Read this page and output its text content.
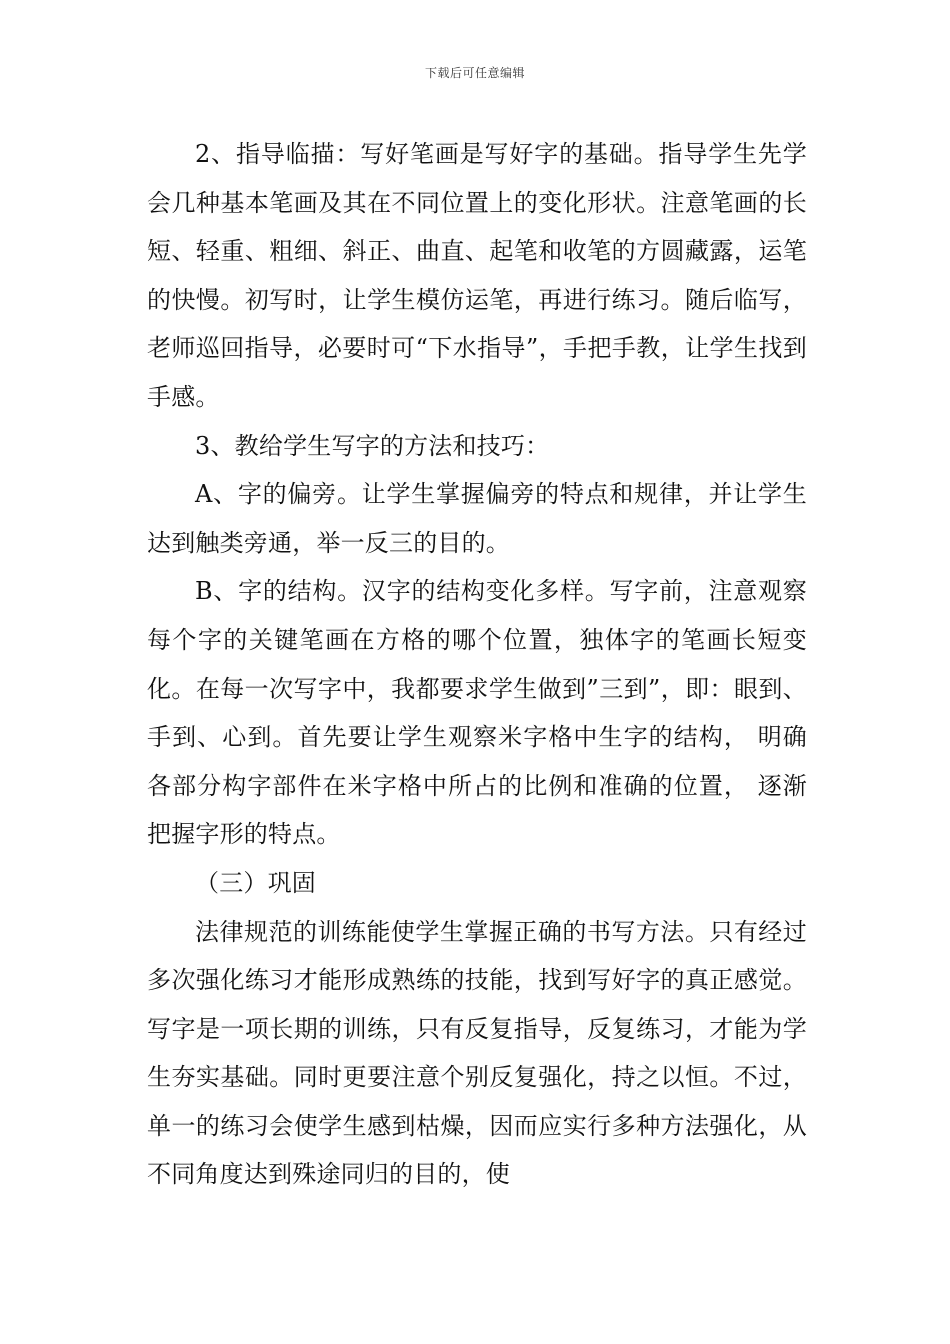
下载后可任意编辑

2、指导临描：写好笔画是写好字的基础。指导学生先学会几种基本笔画及其在不同位置上的变化形状。注意笔画的长短、轻重、粗细、斜正、曲直、起笔和收笔的方圆藏露，运笔的快慢。初写时，让学生模仿运笔，再进行练习。随后临写，老师巡回指导，必要时可“下水指导”，手把手教，让学生找到手感。

3、教给学生写字的方法和技巧：

A、字的偏旁。让学生掌握偏旁的特点和规律，并让学生达到触类旁通，举一反三的目的。

B、字的结构。汉字的结构变化多样。写字前，注意观察每个字的关键笔画在方格的哪个位置，独体字的笔画长短变化。在每一次写字中，我都要求学生做到”三到”，即：眼到、手到、心到。首先要让学生观察米字格中生字的结构， 明确各部分构字部件在米字格中所占的比例和准确的位置， 逐渐把握字形的特点。

（三）巩固

法律规范的训练能使学生掌握正确的书写方法。只有经过多次强化练习才能形成熟练的技能，找到写好字的真正感觉。写字是一项长期的训练，只有反复指导，反复练习，才能为学生夯实基础。同时更要注意个别反复强化，持之以恒。不过，单一的练习会使学生感到枯燥，因而应实行多种方法强化，从不同角度达到殊途同归的目的，使
